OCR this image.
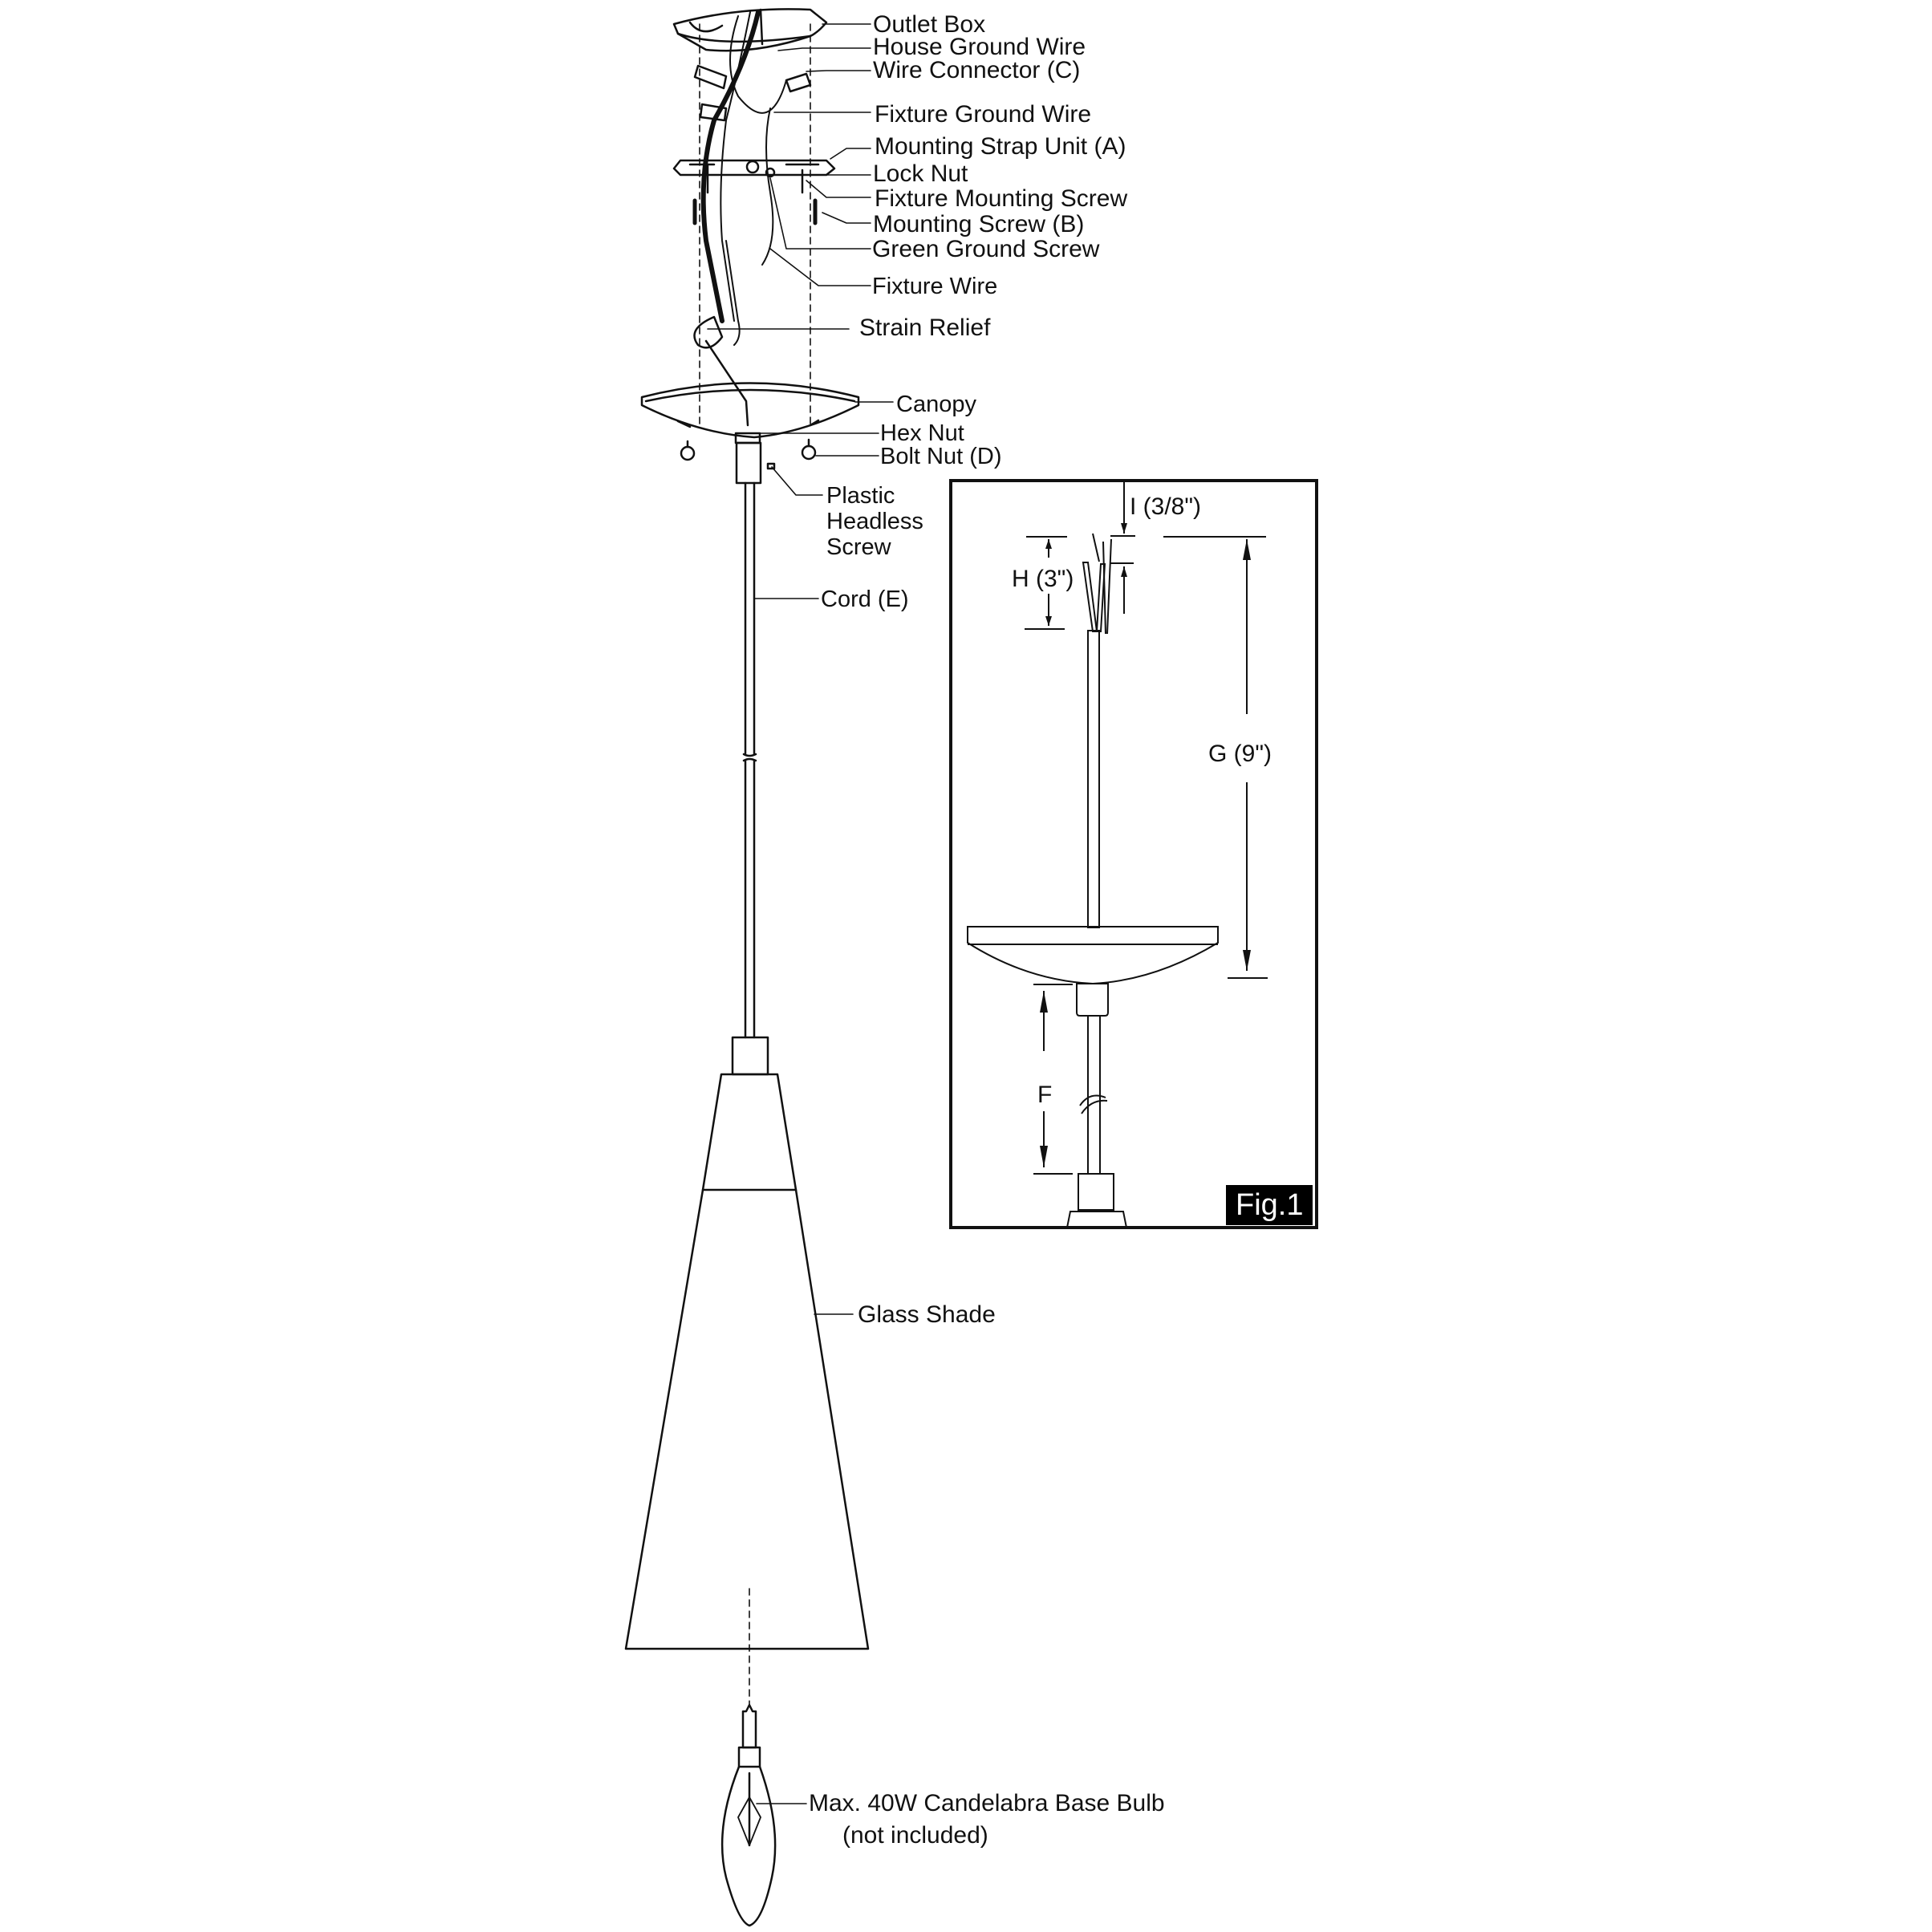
Outlet Box
House Ground Wire
Wire Connector (C)
Fixture Ground Wire
Mounting Strap Unit (A)
Lock Nut
Fixture Mounting Screw
Mounting Screw (B)
Green Ground Screw
Fixture Wire
Strain Relief
Canopy
Hex Nut
Bolt Nut (D)
Plastic
Headless
Screw
Cord (E)
Glass Shade
Max. 40W Candelabra Base Bulb
(not included)
I (3/8")
H (3")
G (9")
F
Fig.1
